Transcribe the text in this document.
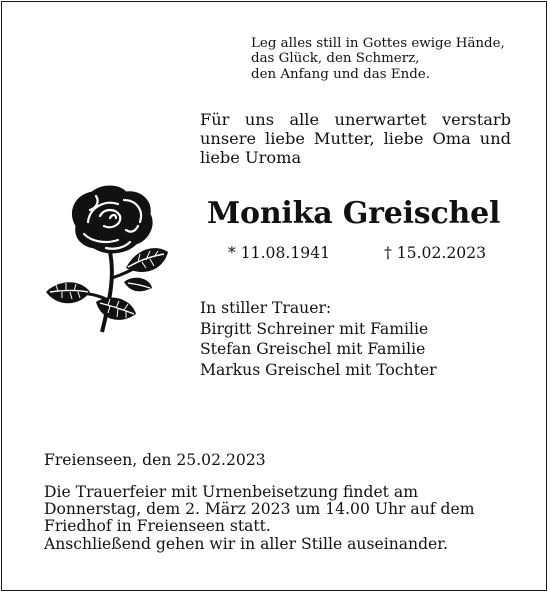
Leg alles still in Gottes ewige Hände,
das Glück, den Schmerz,
den Anfang und das Ende.
Für uns alle unerwartet verstarb
unsere liebe Mutter, liebe Oma und
liebe Uroma
Monika Greischel
* 11.08.1941	† 15.02.2023
In stiller Trauer:
Birgitt Schreiner mit Familie
Stefan Greischel mit Familie
Markus Greischel mit Tochter
Freienseen, den 25.02.2023
Die Trauerfeier mit Urnenbeisetzung findet am
Donnerstag, dem 2. März 2023 um 14.00 Uhr auf dem
Friedhof in Freienseen statt.
Anschließend gehen wir in aller Stille auseinander.
